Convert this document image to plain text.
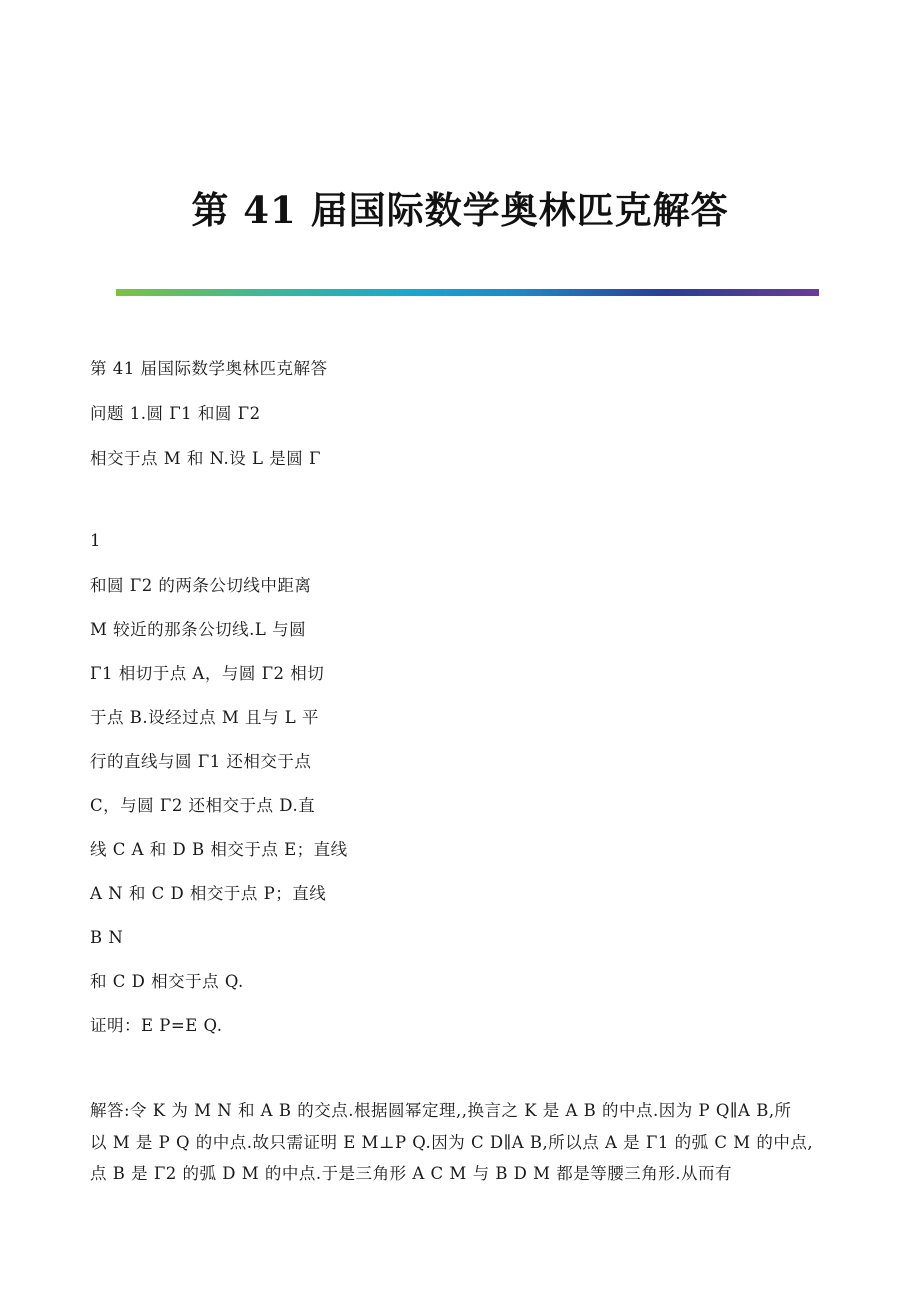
第 41 届国际数学奥林匹克解答

第 41 届国际数学奥林匹克解答

问题 1.圆 Γ1 和圆 Γ2

相交于点 M 和 N.设 L 是圆 Γ

1

和圆 Γ2 的两条公切线中距离

M 较近的那条公切线.L 与圆

Γ1 相切于点 A，与圆 Γ2 相切

于点 B.设经过点 M 且与 L 平

行的直线与圆 Γ1 还相交于点

C，与圆 Γ2 还相交于点 D.直

线 C A 和 D B 相交于点 E；直线

A N 和 C D 相交于点 P；直线

B N

和 C D 相交于点 Q.

证明：E P=E Q.

解答:令 K 为 M N 和 A B 的交点.根据圆幂定理,,换言之 K 是 A B 的中点.因为 P Q∥A B,所
以 M 是 P Q 的中点.故只需证明 E M⊥P Q.因为 C D∥A B,所以点 A 是 Γ1 的弧 C M 的中点,
点 B 是 Γ2 的弧 D M 的中点.于是三角形 A C M 与 B D M 都是等腰三角形.从而有
